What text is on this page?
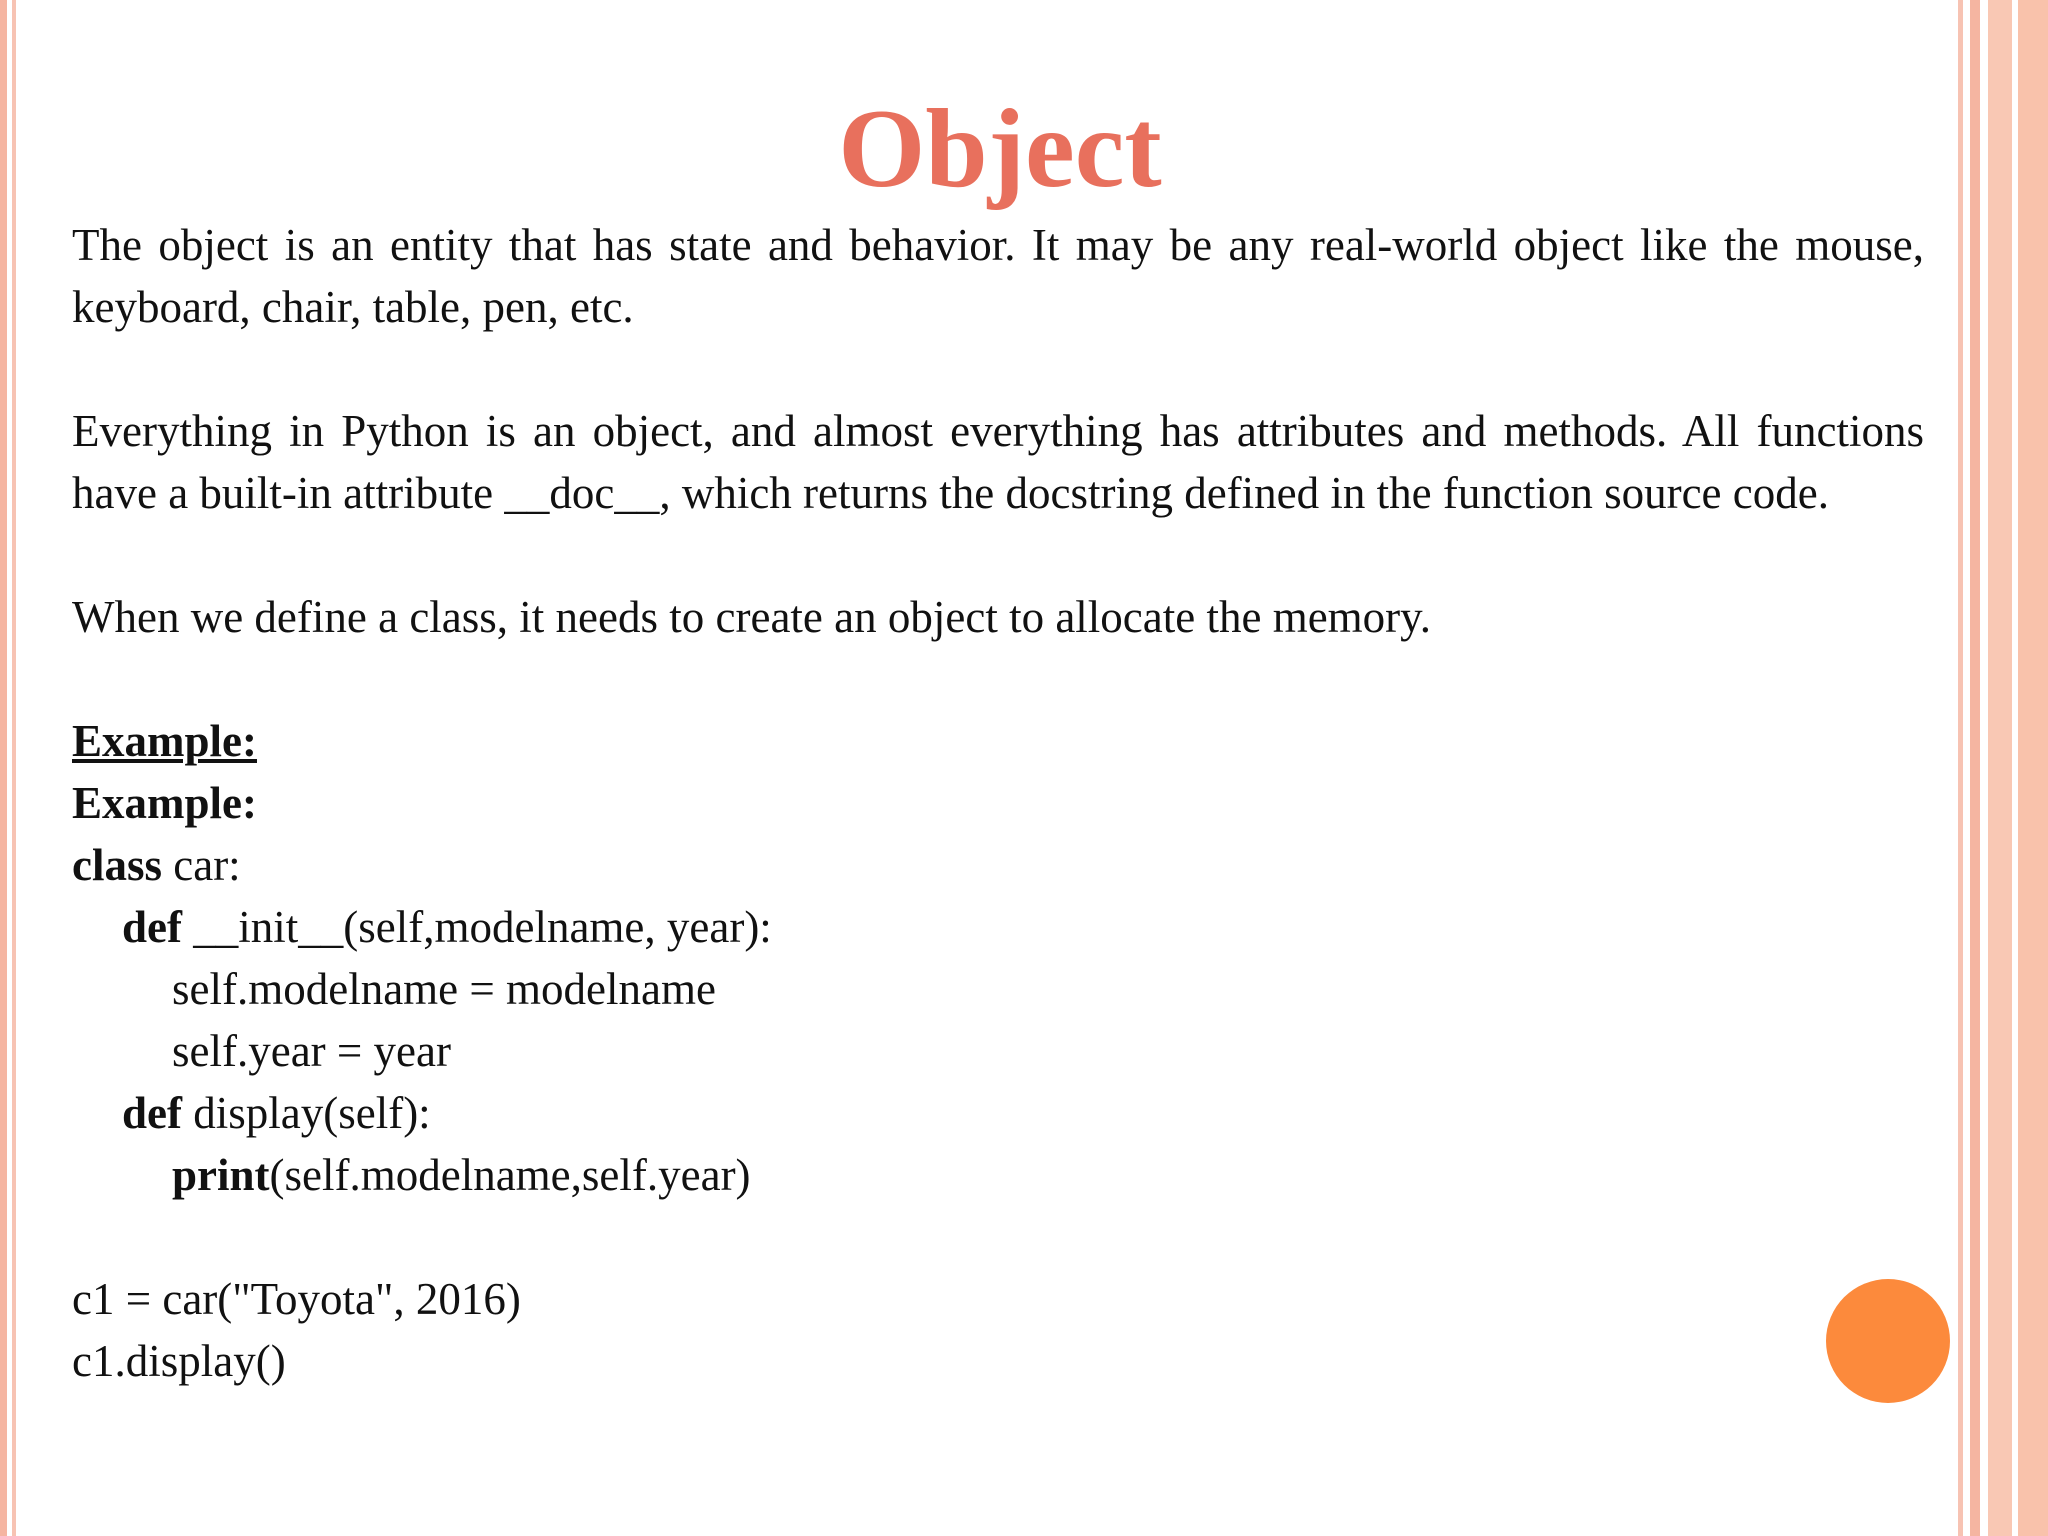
Object

The object is an entity that has state and behavior. It may be any real-world object like the mouse, keyboard, chair, table, pen, etc.

Everything in Python is an object, and almost everything has attributes and methods. All functions have a built-in attribute __doc__, which returns the docstring defined in the function source code.

When we define a class, it needs to create an object to allocate the memory.

Example:

Example:

class car:

def __init__(self,modelname, year):

self.modelname = modelname

self.year = year

def display(self):

print(self.modelname,self.year)

c1 = car("Toyota", 2016)

c1.display()
